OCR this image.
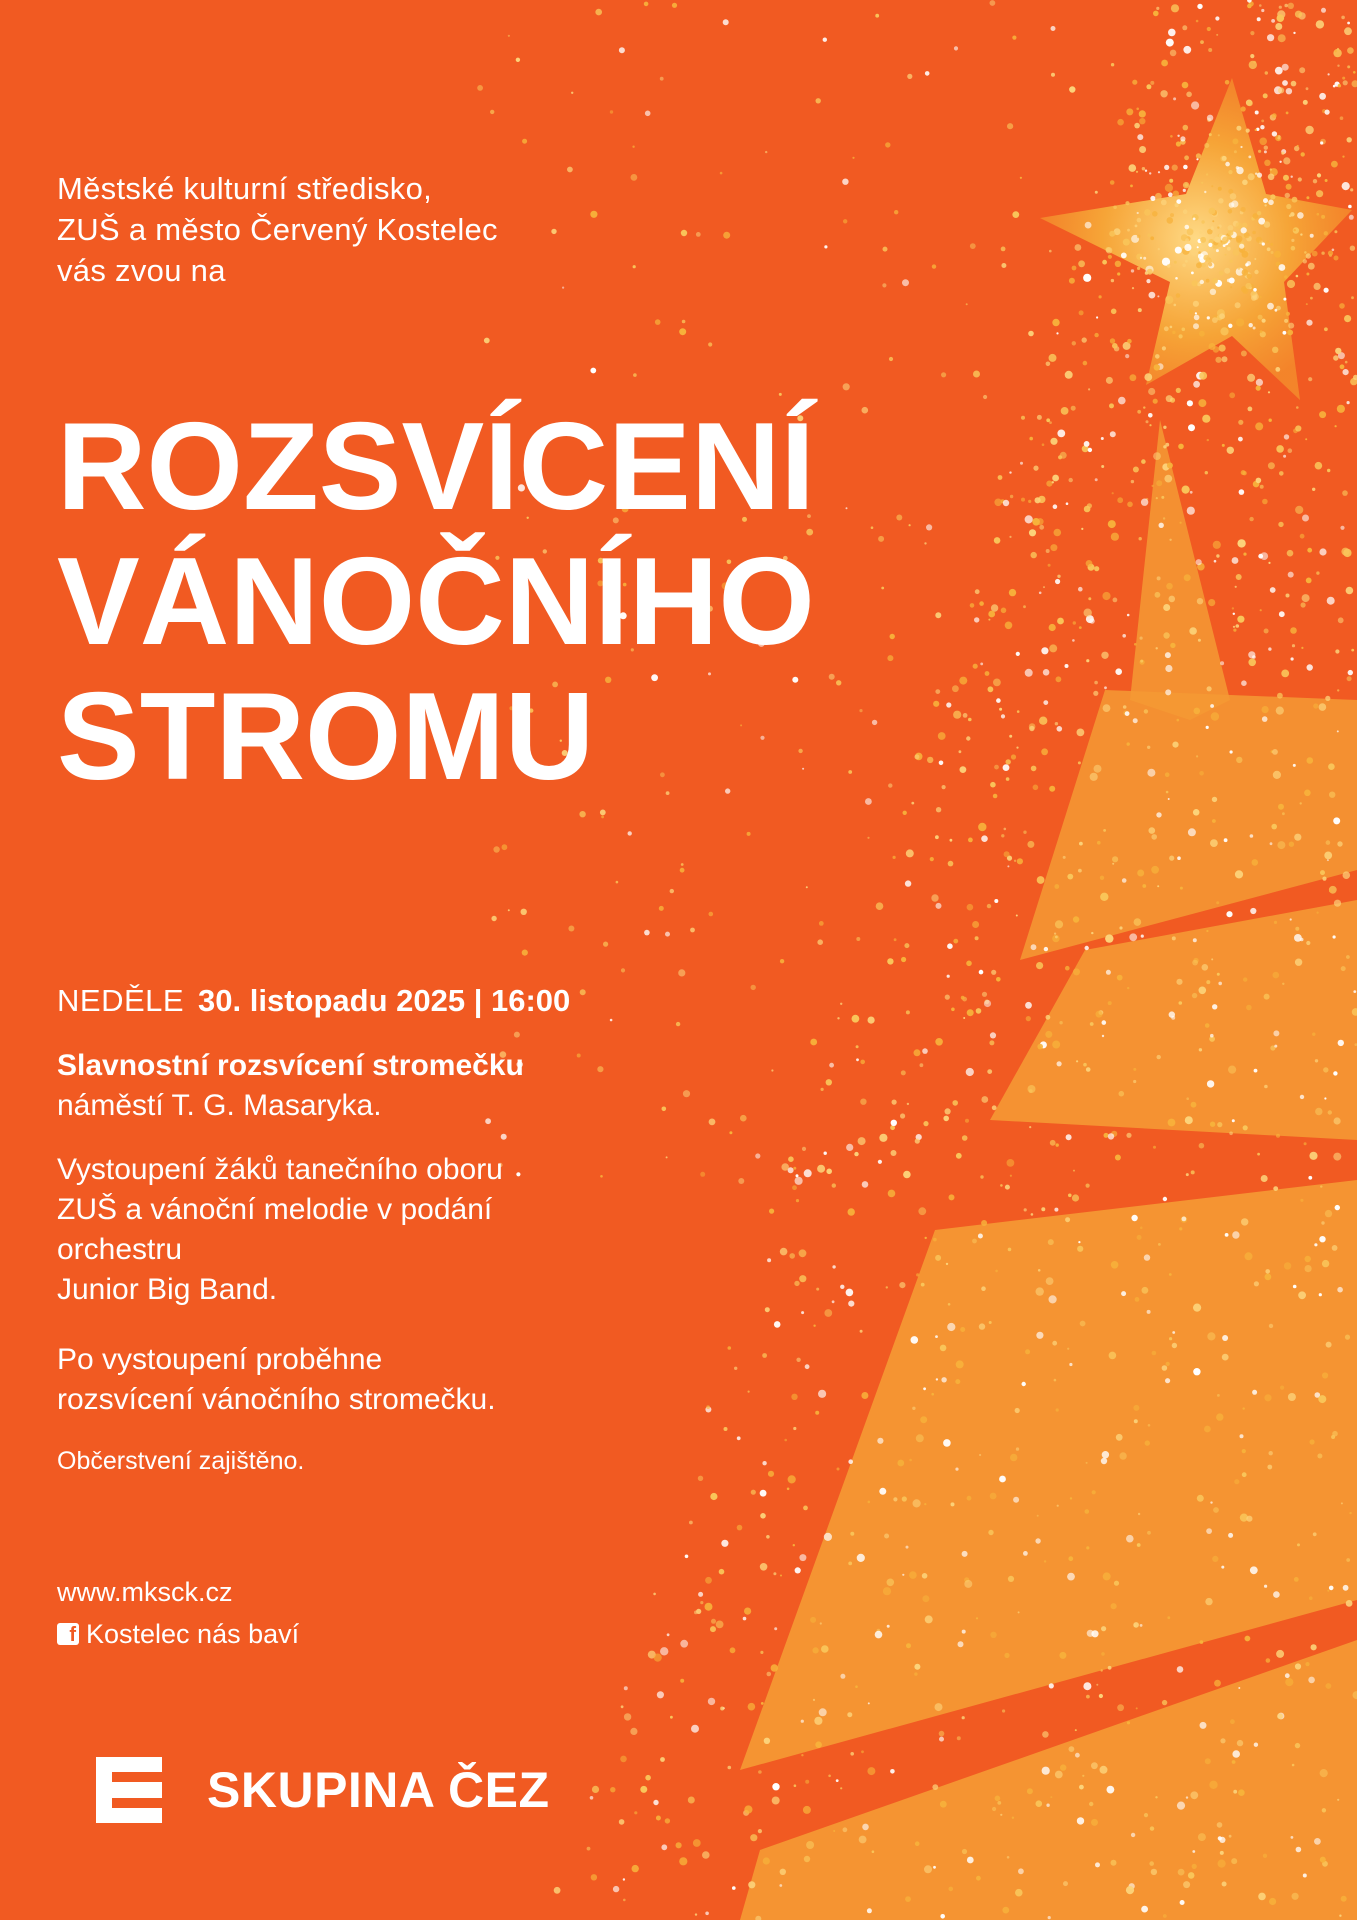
Městské kulturní středisko,
ZUŠ a město Červený Kostelec
vás zvou na
ROZSVÍCENÍ
VÁNOČNÍHO
STROMU
NEDĚLE 30. listopadu 2025 | 16:00
Slavnostní rozsvícení stromečku
náměstí T. G. Masaryka.
Vystoupení žáků tanečního oboru
ZUŠ a vánoční melodie v podání
orchestru
Junior Big Band.
Po vystoupení proběhne
rozsvícení vánočního stromečku.
Občerstvení zajištěno.
www.mksck.cz
f Kostelec nás baví
SKUPINA ČEZ
